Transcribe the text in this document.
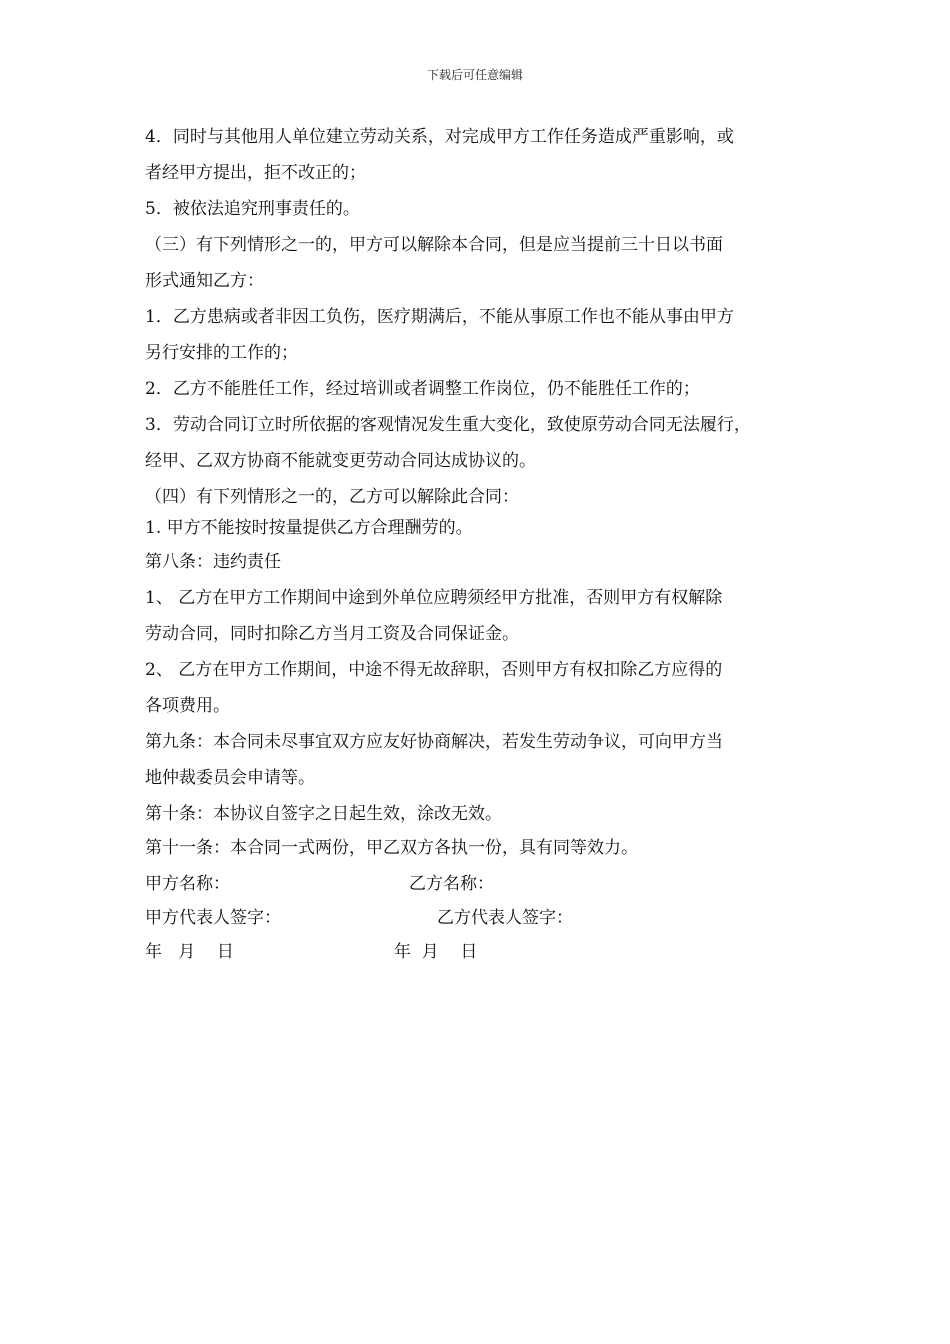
下载后可任意编辑
4．同时与其他用人单位建立劳动关系，对完成甲方工作任务造成严重影响，或
者经甲方提出，拒不改正的；
5．被依法追究刑事责任的。
（三）有下列情形之一的，甲方可以解除本合同，但是应当提前三十日以书面
形式通知乙方：
1．乙方患病或者非因工负伤，医疗期满后，不能从事原工作也不能从事由甲方
另行安排的工作的；
2．乙方不能胜任工作，经过培训或者调整工作岗位，仍不能胜任工作的；
3．劳动合同订立时所依据的客观情况发生重大变化，致使原劳动合同无法履行，
经甲、乙双方协商不能就变更劳动合同达成协议的。
（四）有下列情形之一的，乙方可以解除此合同：
1. 甲方不能按时按量提供乙方合理酬劳的。
第八条：违约责任
1、 乙方在甲方工作期间中途到外单位应聘须经甲方批准，否则甲方有权解除
劳动合同，同时扣除乙方当月工资及合同保证金。
2、 乙方在甲方工作期间，中途不得无故辞职，否则甲方有权扣除乙方应得的
各项费用。
第九条：本合同未尽事宜双方应友好协商解决，若发生劳动争议，可向甲方当
地仲裁委员会申请等。
第十条：本协议自签字之日起生效，涂改无效。
第十一条：本合同一式两份，甲乙双方各执一份，具有同等效力。
甲方名称：	乙方名称：
甲方代表人签字：	乙方代表人签字：
年   月    日	年  月    日
